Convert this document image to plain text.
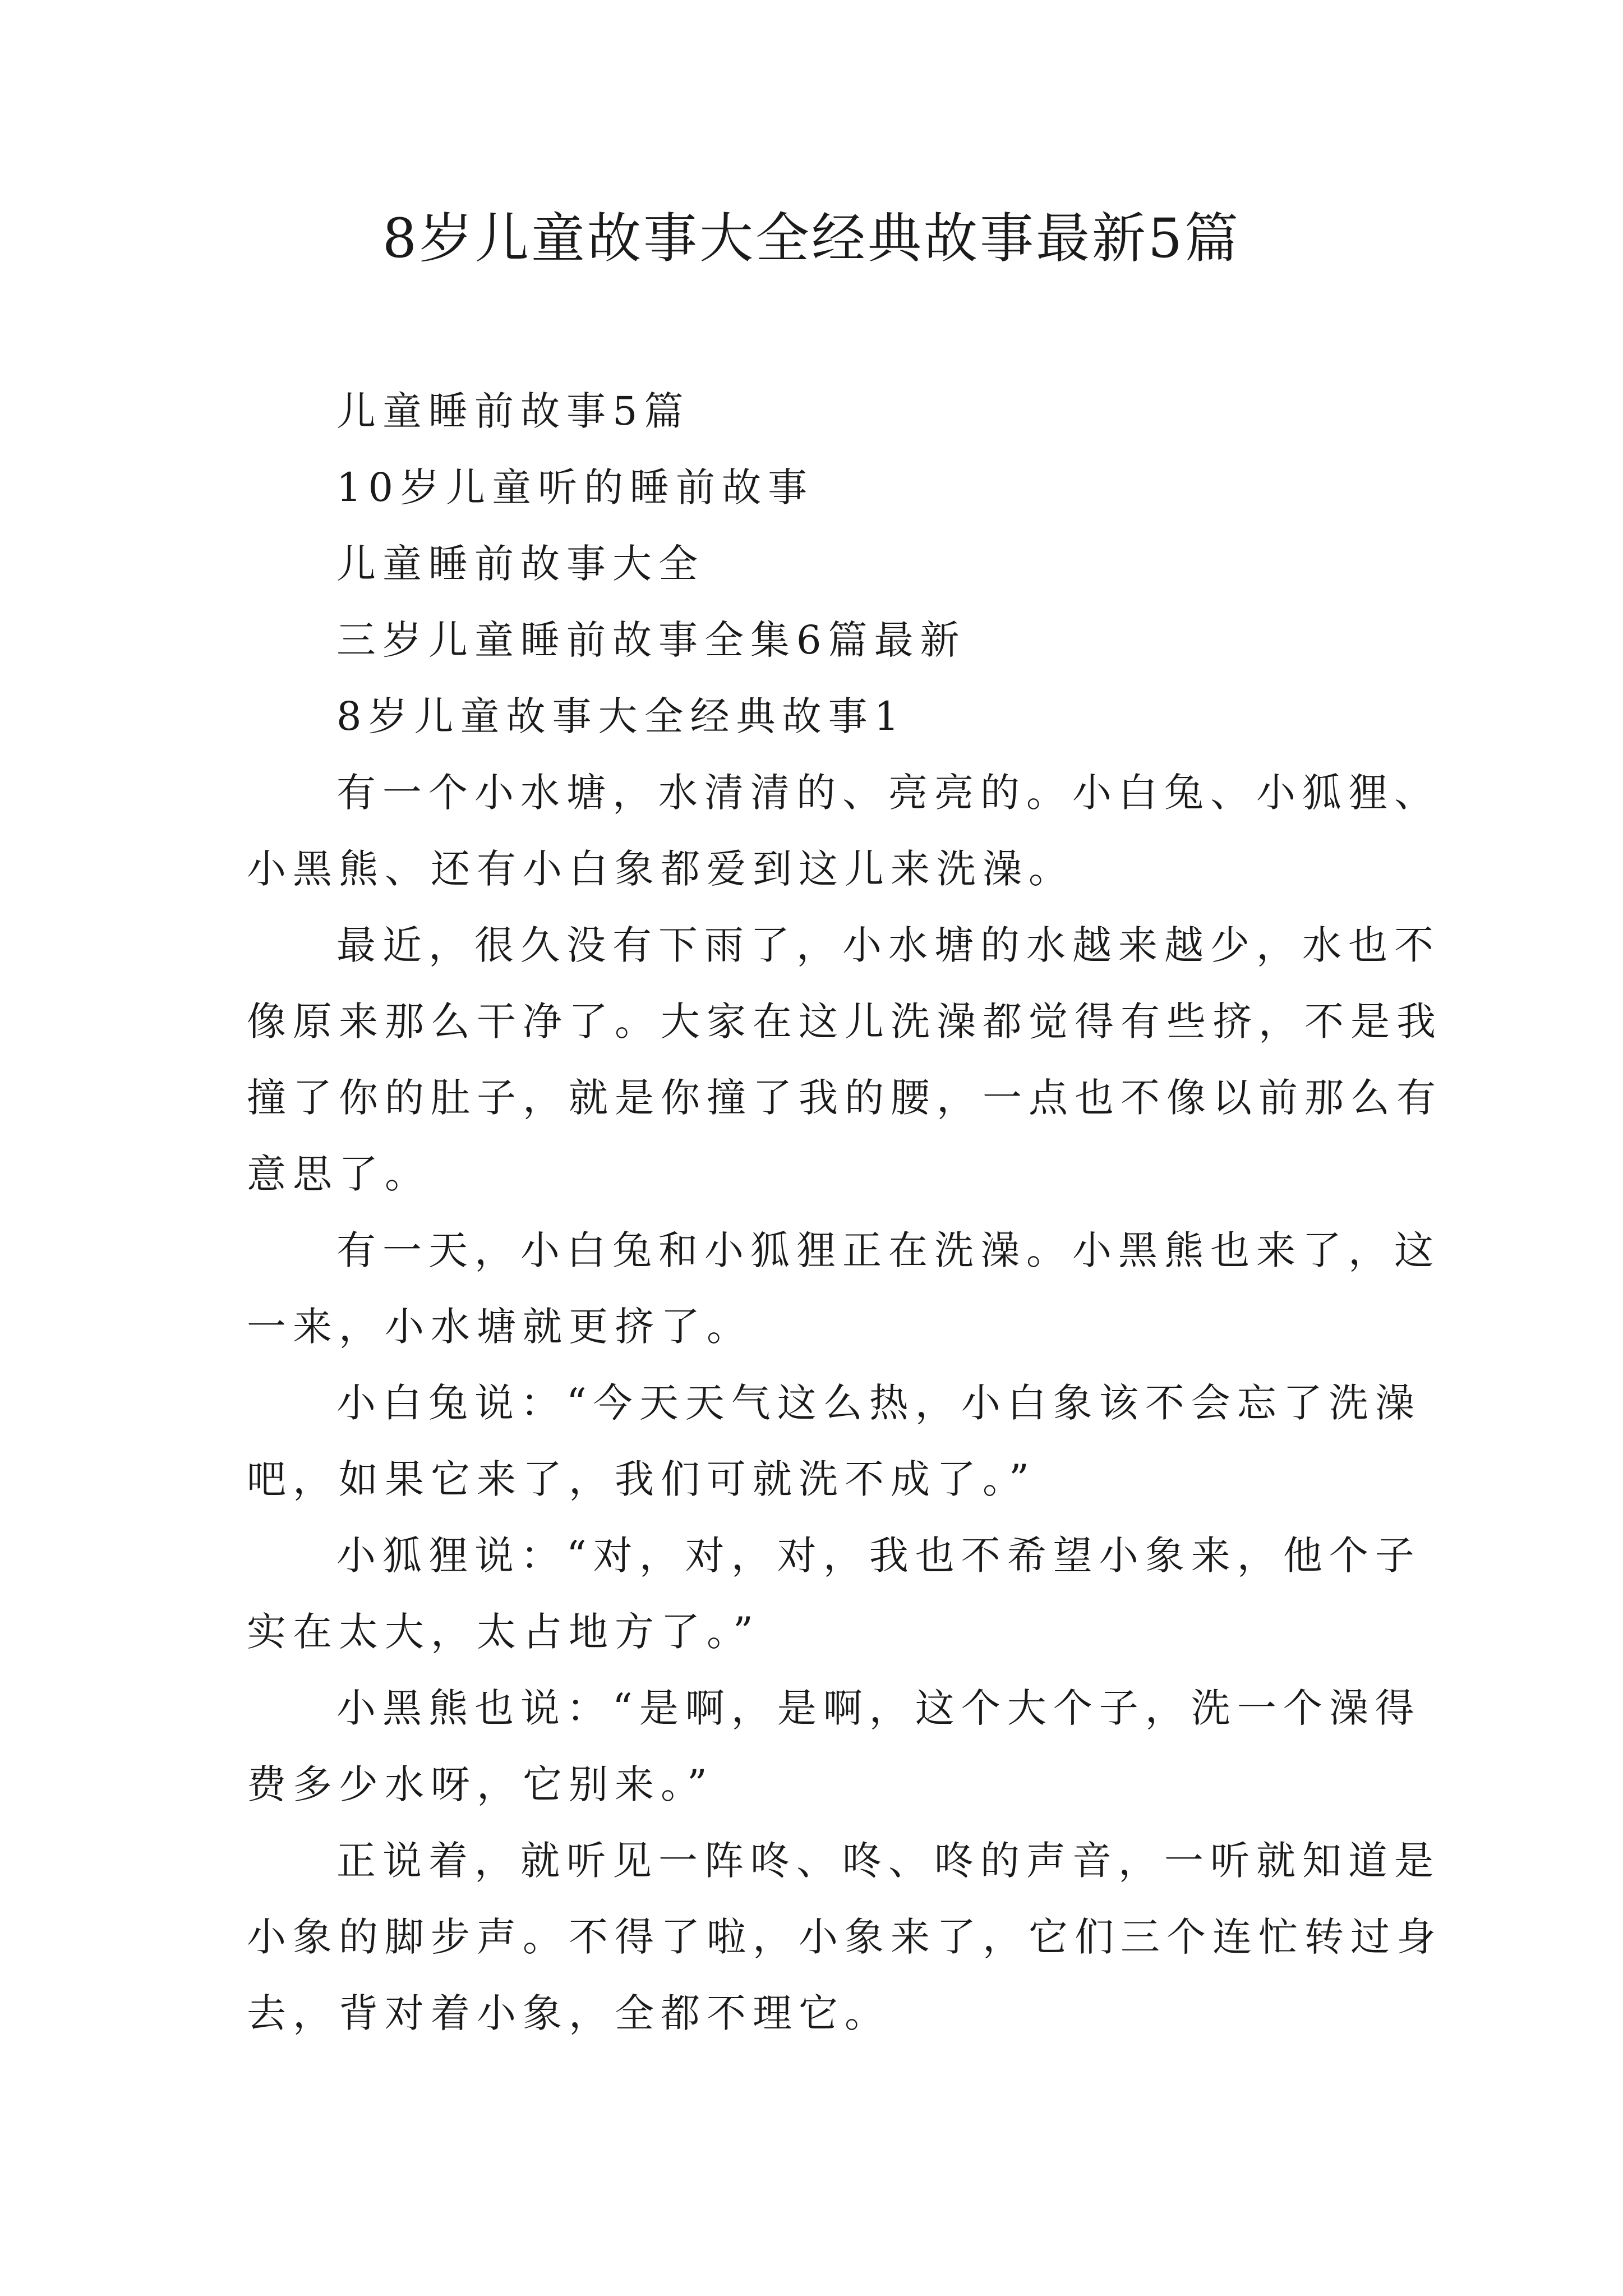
8岁儿童故事大全经典故事最新5篇

儿童睡前故事5篇

10岁儿童听的睡前故事

儿童睡前故事大全

三岁儿童睡前故事全集6篇最新

8岁儿童故事大全经典故事1

有一个小水塘，水清清的、亮亮的。小白兔、小狐狸、

小黑熊、还有小白象都爱到这儿来洗澡。

最近，很久没有下雨了，小水塘的水越来越少，水也不

像原来那么干净了。大家在这儿洗澡都觉得有些挤，不是我

撞了你的肚子，就是你撞了我的腰，一点也不像以前那么有

意思了。

有一天，小白兔和小狐狸正在洗澡。小黑熊也来了，这

一来，小水塘就更挤了。

小白兔说：“今天天气这么热，小白象该不会忘了洗澡

吧，如果它来了，我们可就洗不成了。”

小狐狸说：“对，对，对，我也不希望小象来，他个子

实在太大，太占地方了。”

小黑熊也说：“是啊，是啊，这个大个子，洗一个澡得

费多少水呀，它别来。”

正说着，就听见一阵咚、咚、咚的声音，一听就知道是

小象的脚步声。不得了啦，小象来了，它们三个连忙转过身

去，背对着小象，全都不理它。
